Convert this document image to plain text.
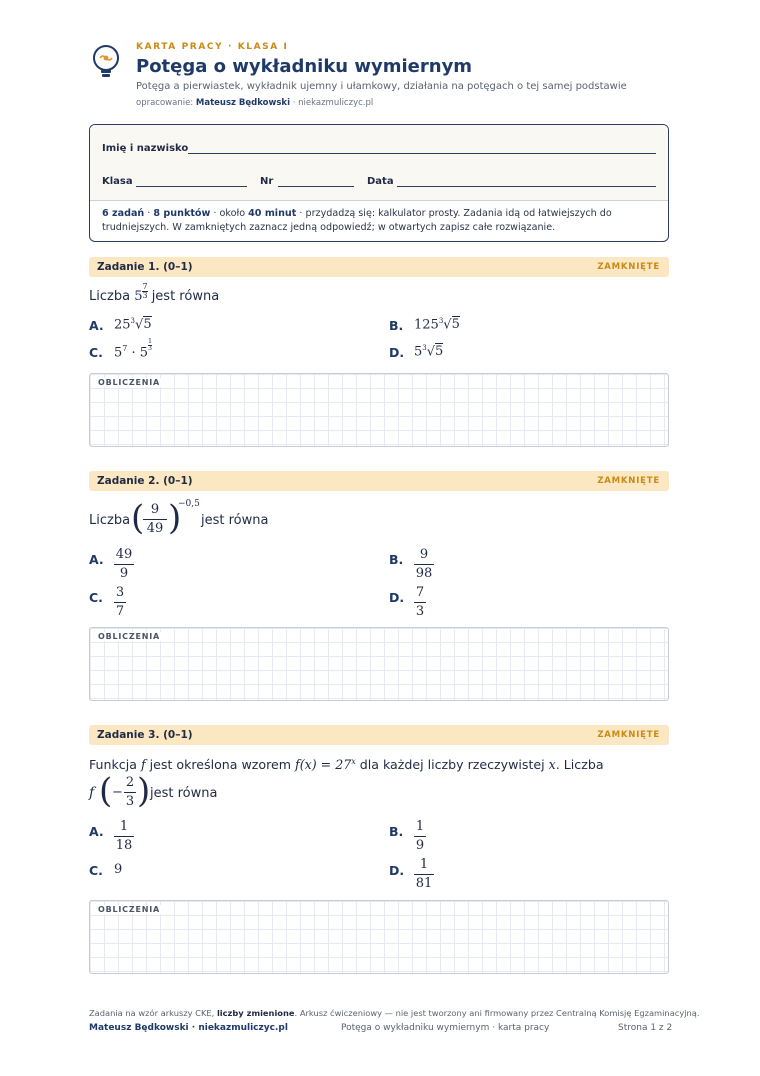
KARTA PRACY · KLASA I
Potęga o wykładniku wymiernym
Potęga a pierwiastek, wykładnik ujemny i ułamkowy, działania na potęgach o tej samej podstawie
opracowanie: Mateusz Będkowski · niekazmuliczyc.pl
Imię i nazwisko
Klasa	Nr	Data
6 zadań · 8 punktów · około 40 minut · przydadzą się: kalkulator prosty. Zadania idą od łatwiejszych do trudniejszych. W zamkniętych zaznacz jedną odpowiedź; w otwartych zapisz całe rozwiązanie.
Zadanie 1. (0–1)	ZAMKNIĘTE
Liczba $5 \frac{7}{3}$ jest równa
A. $25^3√5$	B. $125^3√5$
C. $5^7 \cdot 5 \frac{1}{3}$	D. $5^3√5$
OBLICZENIA
Zadanie 2. (0–1)	ZAMKNIĘTE
Liczba ( 9
49 )
−0,5
jest równa
A. 49
9
B.	9
98
C. 3
7
D. 7
3
OBLICZENIA
Zadanie 3. (0–1)	ZAMKNIĘTE
Funkcja f jest określona wzorem $f(x) = 27^x$ dla każdej liczby rzeczywistej x. Liczba
f ( −
2
3 ) jest równa
A.	1
18
B. 1
9
C. 9	D.	1
81
OBLICZENIA
Zadania na wzór arkuszy CKE, liczby zmienione. Arkusz ćwiczeniowy — nie jest tworzony ani firmowany przez Centralną Komisję Egzaminacyjną.
Mateusz Będkowski · niekazmuliczyc.pl	Potęga o wykładniku wymiernym · karta pracy	Strona 1 z 2
